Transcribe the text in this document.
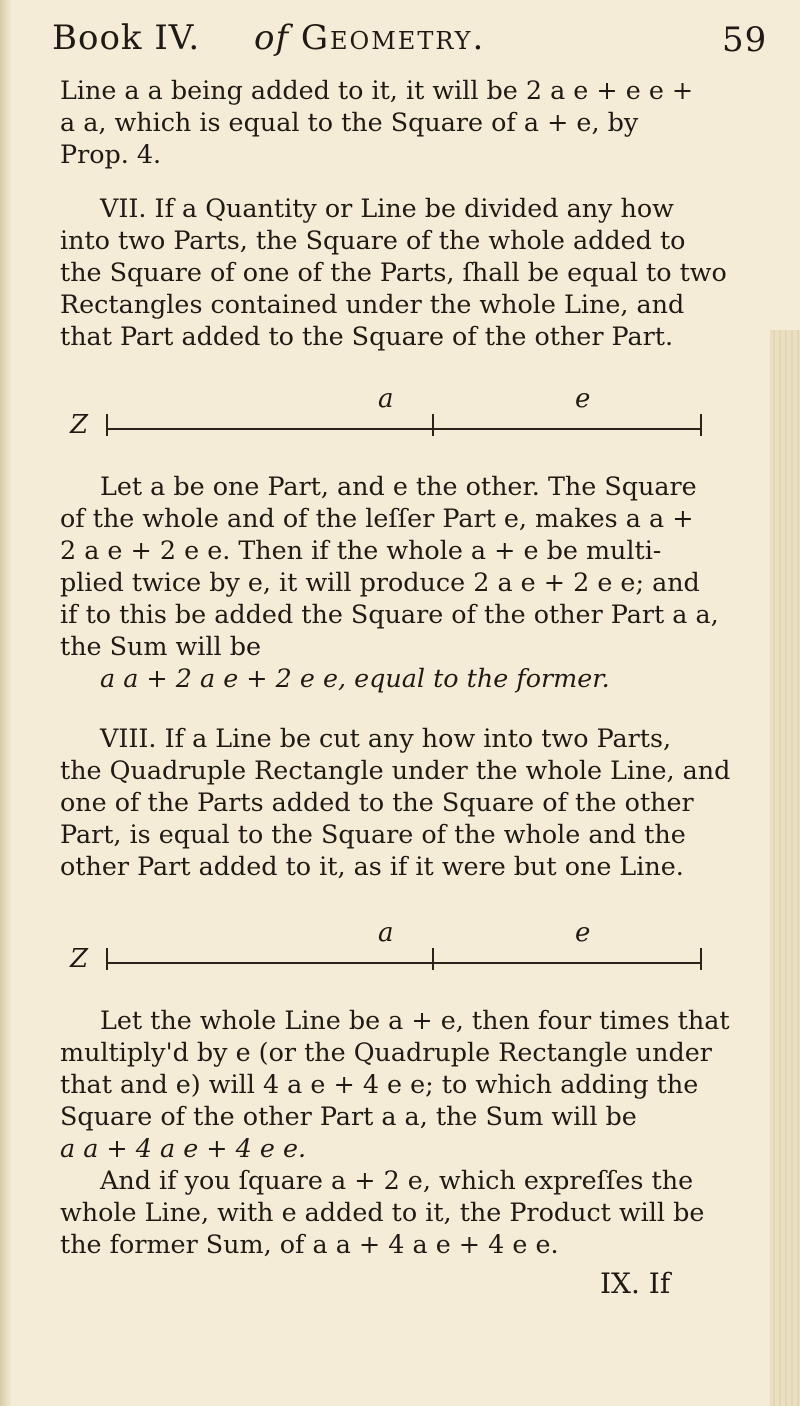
Book IV. of Geometry.	59

Line a a being added to it, it will be 2 a e + e e +

a a, which is equal to the Square of a + e, by

Prop. 4.

VII. If a Quantity or Line be divided any how

into two Parts, the Square of the whole added to

the Square of one of the Parts, ſhall be equal to two

Rectangles contained under the whole Line, and

that Part added to the Square of the other Part.

a	e
Z

Let a be one Part, and e the other. The Square

of the whole and of the leſſer Part e, makes a a +

2 a e + 2 e e. Then if the whole a + e be multi-

plied twice by e, it will produce 2 a e + 2 e e; and

if to this be added the Square of the other Part a a,

the Sum will be

a a + 2 a e + 2 e e, equal to the former.

VIII. If a Line be cut any how into two Parts,

the Quadruple Rectangle under the whole Line, and

one of the Parts added to the Square of the other

Part, is equal to the Square of the whole and the

other Part added to it, as if it were but one Line.

a	e
Z

Let the whole Line be a + e, then four times that

multiply'd by e (or the Quadruple Rectangle under

that and e) will 4 a e + 4 e e; to which adding the

Square of the other Part a a, the Sum will be

a a + 4 a e + 4 e e.

And if you ſquare a + 2 e, which expreſſes the

whole Line, with e added to it, the Product will be

the former Sum, of a a + 4 a e + 4 e e.

IX. If
